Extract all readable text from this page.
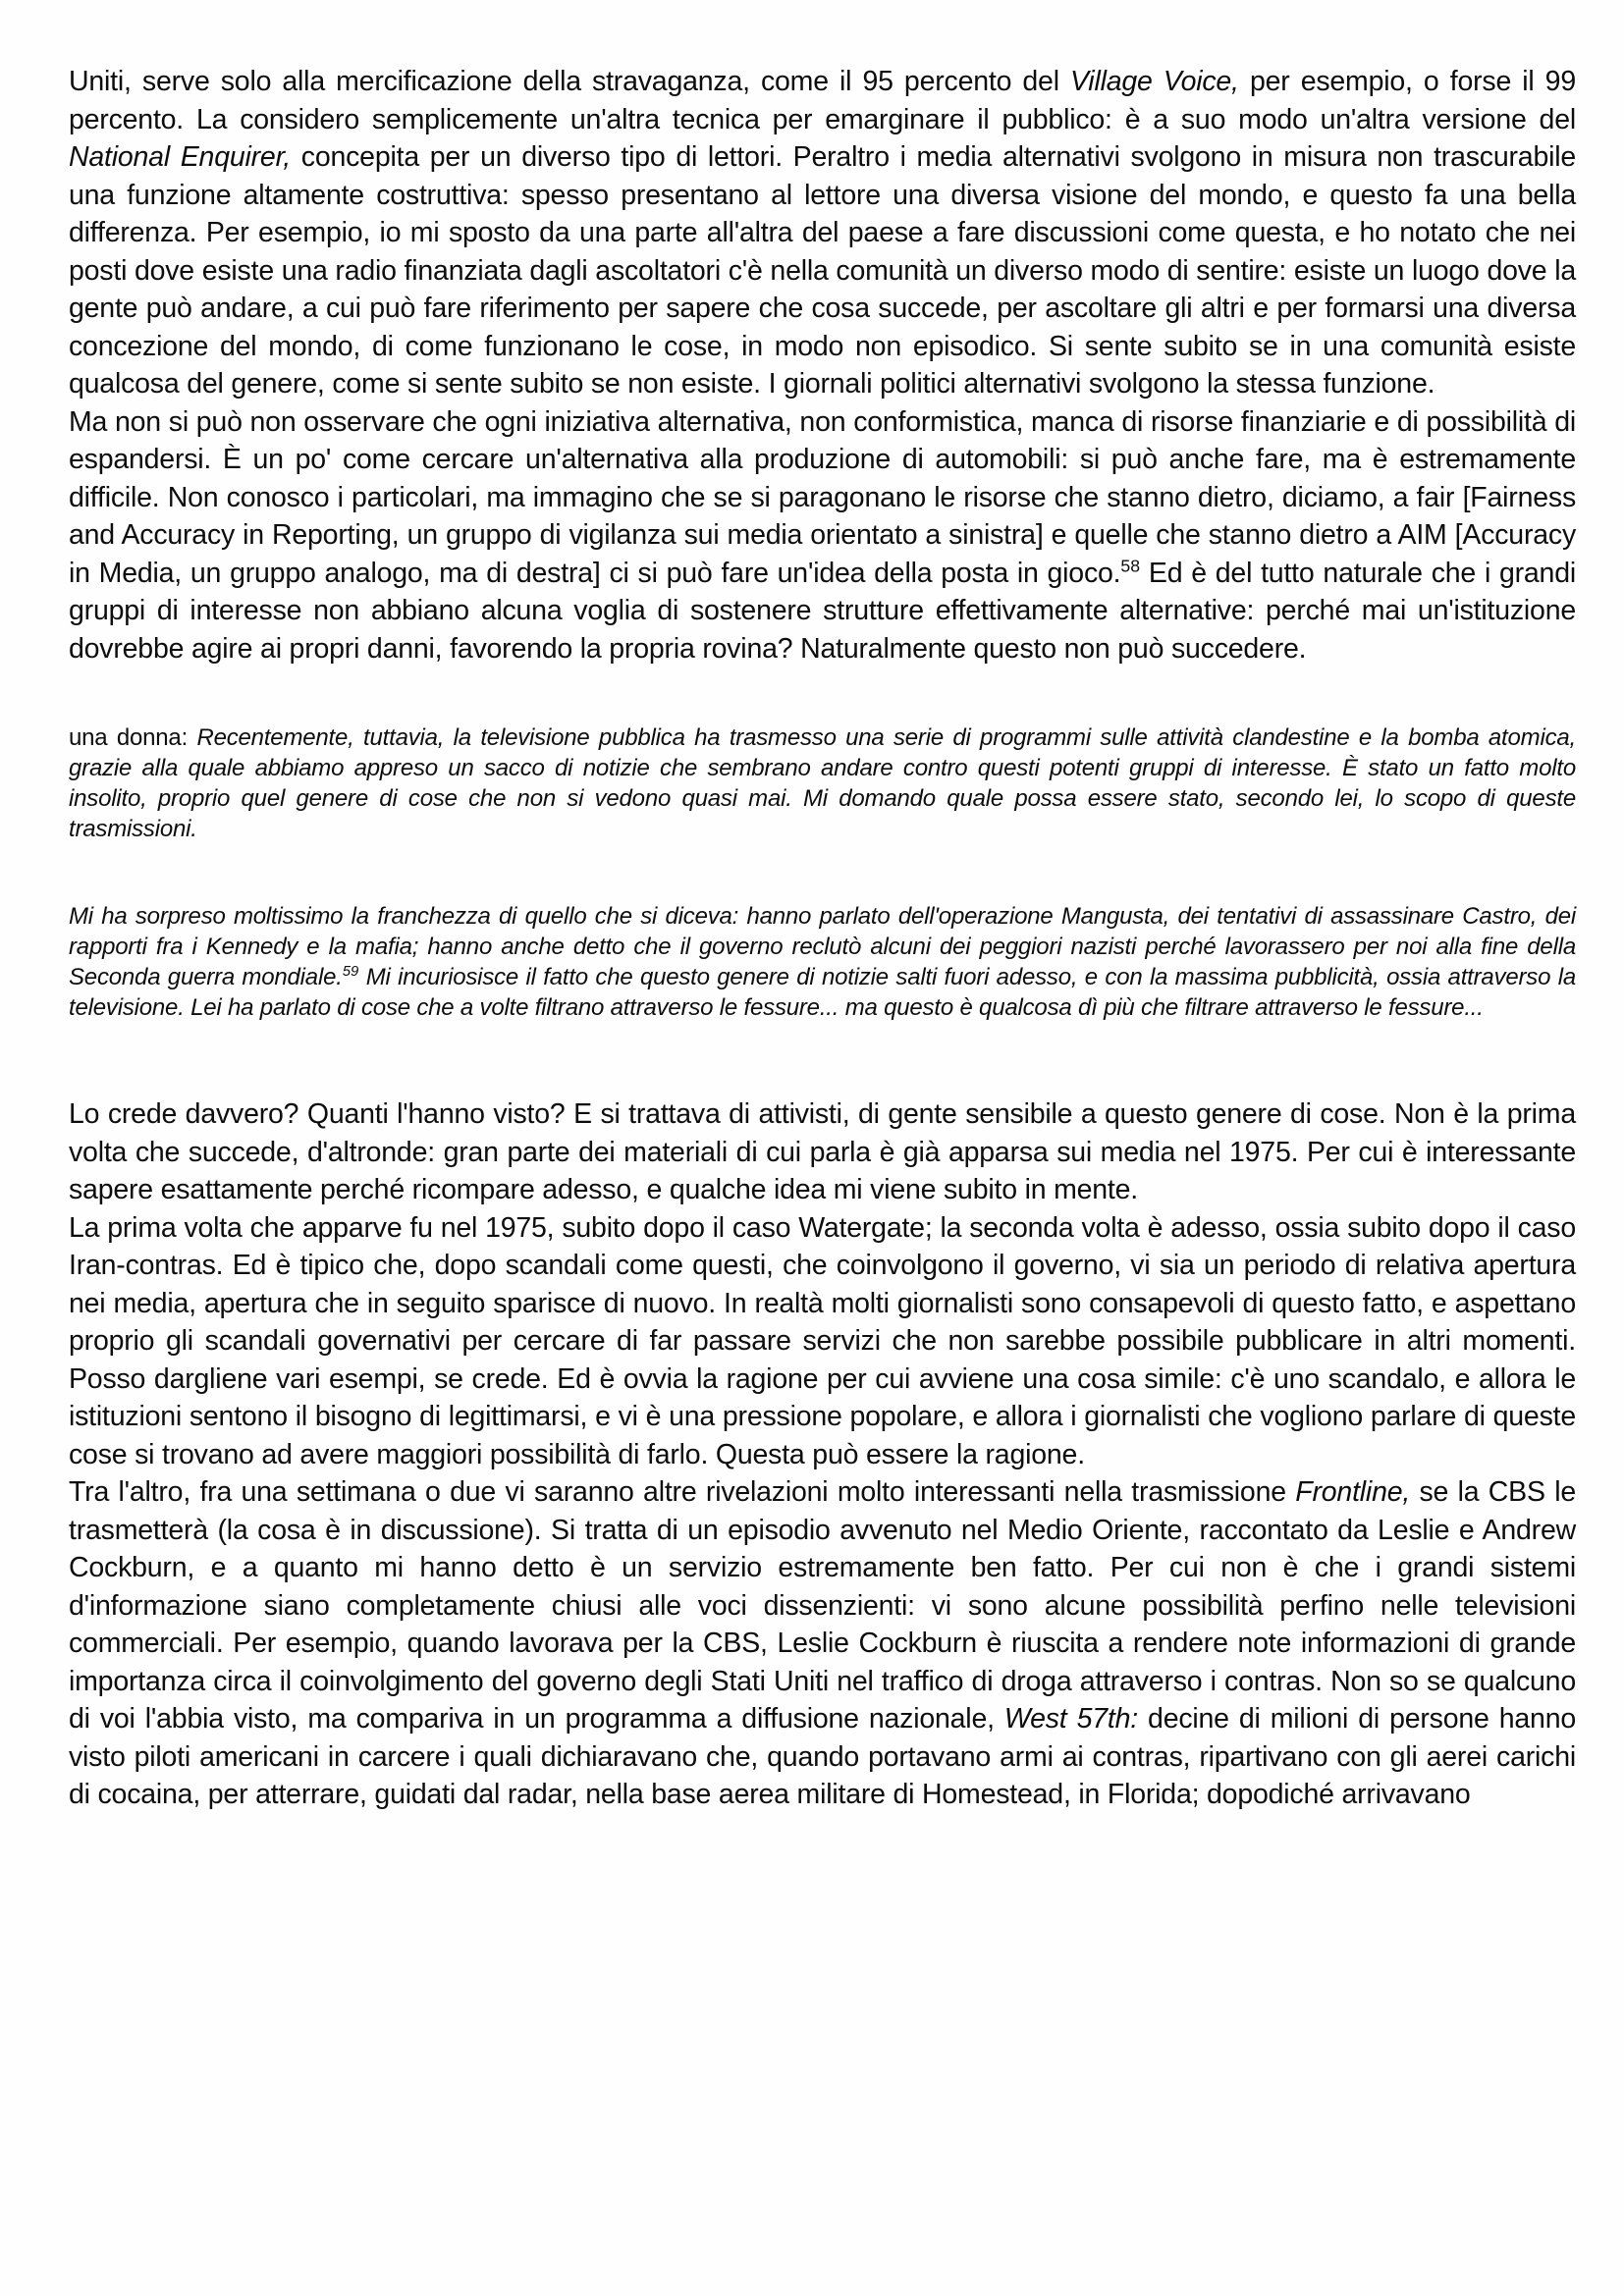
Uniti, serve solo alla mercificazione della stravaganza, come il 95 percento del Village Voice, per esempio, o forse il 99 percento. La considero semplicemente un'altra tecnica per emarginare il pubblico: è a suo modo un'altra versione del National Enquirer, concepita per un diverso tipo di lettori. Peraltro i media alternativi svolgono in misura non trascurabile una funzione altamente costruttiva: spesso presentano al lettore una diversa visione del mondo, e questo fa una bella differenza. Per esempio, io mi sposto da una parte all'altra del paese a fare discussioni come questa, e ho notato che nei posti dove esiste una radio finanziata dagli ascoltatori c'è nella comunità un diverso modo di sentire: esiste un luogo dove la gente può andare, a cui può fare riferimento per sapere che cosa succede, per ascoltare gli altri e per formarsi una diversa concezione del mondo, di come funzionano le cose, in modo non episodico. Si sente subito se in una comunità esiste qualcosa del genere, come si sente subito se non esiste. I giornali politici alternativi svolgono la stessa funzione.

Ma non si può non osservare che ogni iniziativa alternativa, non conformistica, manca di risorse finanziarie e di possibilità di espandersi. È un po' come cercare un'alternativa alla produzione di automobili: si può anche fare, ma è estremamente difficile. Non conosco i particolari, ma immagino che se si paragonano le risorse che stanno dietro, diciamo, a fair [Fairness and Accuracy in Reporting, un gruppo di vigilanza sui media orientato a sinistra] e quelle che stanno dietro a AIM [Accuracy in Media, un gruppo analogo, ma di destra] ci si può fare un'idea della posta in gioco.$^{58}$ Ed è del tutto naturale che i grandi gruppi di interesse non abbiano alcuna voglia di sostenere strutture effettivamente alternative: perché mai un'istituzione dovrebbe agire ai propri danni, favorendo la propria rovina? Naturalmente questo non può succedere.

una donna: Recentemente, tuttavia, la televisione pubblica ha trasmesso una serie di programmi sulle attività clandestine e la bomba atomica, grazie alla quale abbiamo appreso un sacco di notizie che sembrano andare contro questi potenti gruppi di interesse. È stato un fatto molto insolito, proprio quel genere di cose che non si vedono quasi mai. Mi domando quale possa essere stato, secondo lei, lo scopo di queste trasmissioni.

Mi ha sorpreso moltissimo la franchezza di quello che si diceva: hanno parlato dell'operazione Mangusta, dei tentativi di assassinare Castro, dei rapporti fra i Kennedy e la mafia; hanno anche detto che il governo reclutò alcuni dei peggiori nazisti perché lavorassero per noi alla fine della Seconda guerra mondiale.$^{59}$ Mi incuriosisce il fatto che questo genere di notizie salti fuori adesso, e con la massima pubblicità, ossia attraverso la televisione. Lei ha parlato di cose che a volte filtrano attraverso le fessure... ma questo è qualcosa dì più che filtrare attraverso le fessure...

Lo crede davvero? Quanti l'hanno visto? E si trattava di attivisti, di gente sensibile a questo genere di cose. Non è la prima volta che succede, d'altronde: gran parte dei materiali di cui parla è già apparsa sui media nel 1975. Per cui è interessante sapere esattamente perché ricompare adesso, e qualche idea mi viene subito in mente.

La prima volta che apparve fu nel 1975, subito dopo il caso Watergate; la seconda volta è adesso, ossia subito dopo il caso Iran-contras. Ed è tipico che, dopo scandali come questi, che coinvolgono il governo, vi sia un periodo di relativa apertura nei media, apertura che in seguito sparisce di nuovo. In realtà molti giornalisti sono consapevoli di questo fatto, e aspettano proprio gli scandali governativi per cercare di far passare servizi che non sarebbe possibile pubblicare in altri momenti. Posso dargliene vari esempi, se crede. Ed è ovvia la ragione per cui avviene una cosa simile: c'è uno scandalo, e allora le istituzioni sentono il bisogno di legittimarsi, e vi è una pressione popolare, e allora i giornalisti che vogliono parlare di queste cose si trovano ad avere maggiori possibilità di farlo. Questa può essere la ragione.

Tra l'altro, fra una settimana o due vi saranno altre rivelazioni molto interessanti nella trasmissione Frontline, se la CBS le trasmetterà (la cosa è in discussione). Si tratta di un episodio avvenuto nel Medio Oriente, raccontato da Leslie e Andrew Cockburn, e a quanto mi hanno detto è un servizio estremamente ben fatto. Per cui non è che i grandi sistemi d'informazione siano completamente chiusi alle voci dissenzienti: vi sono alcune possibilità perfino nelle televisioni commerciali. Per esempio, quando lavorava per la CBS, Leslie Cockburn è riuscita a rendere note informazioni di grande importanza circa il coinvolgimento del governo degli Stati Uniti nel traffico di droga attraverso i contras. Non so se qualcuno di voi l'abbia visto, ma compariva in un programma a diffusione nazionale, West 57th: decine di milioni di persone hanno visto piloti americani in carcere i quali dichiaravano che, quando portavano armi ai contras, ripartivano con gli aerei carichi di cocaina, per atterrare, guidati dal radar, nella base aerea militare di Homestead, in Florida; dopodiché arrivavano
